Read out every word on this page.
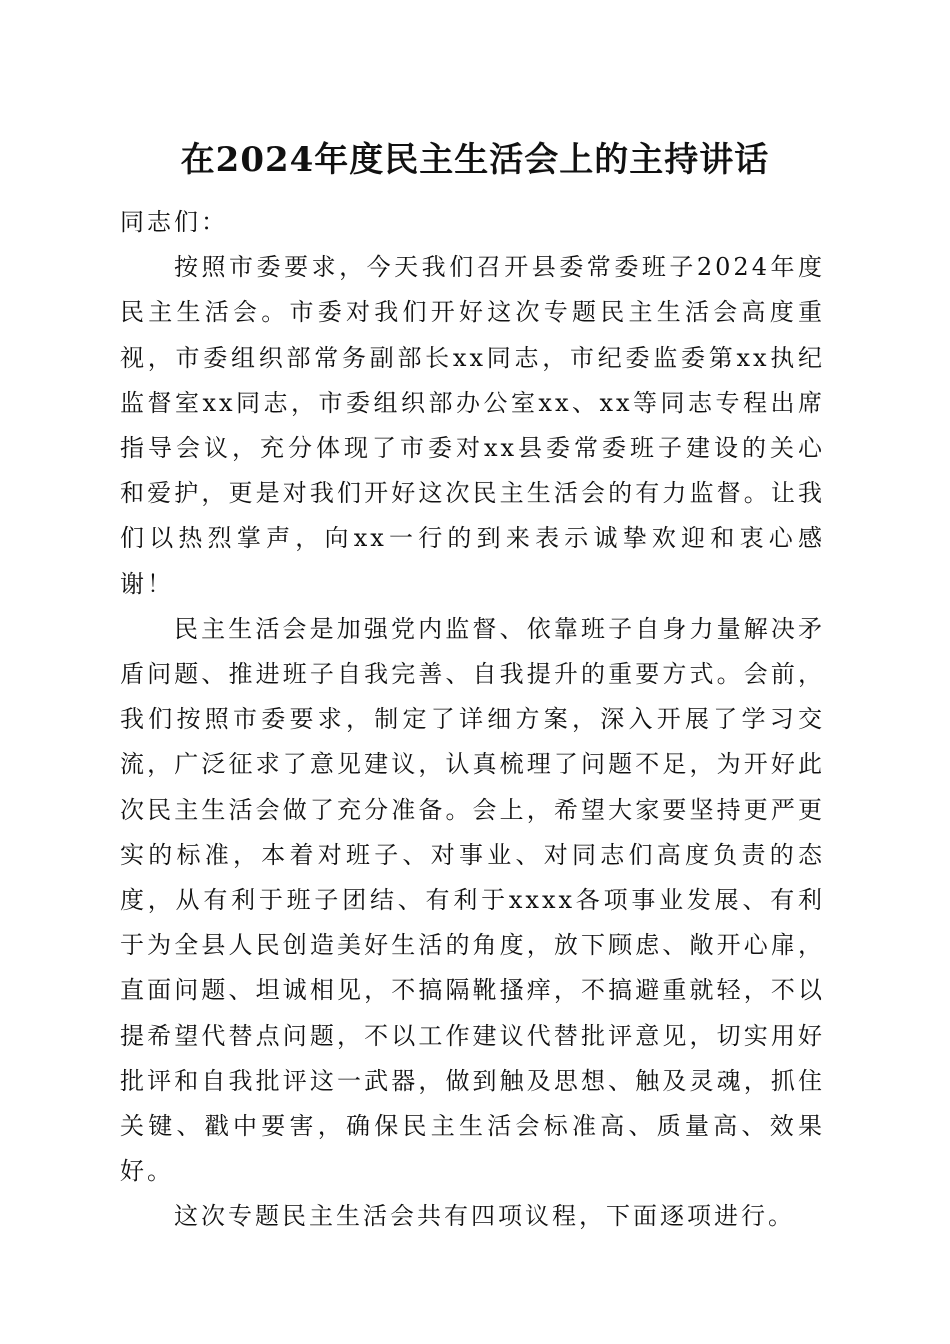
在2024年度民主生活会上的主持讲话

同志们：

按照市委要求，今天我们召开县委常委班子2024年度民主生活会。市委对我们开好这次专题民主生活会高度重视，市委组织部常务副部长xx同志，市纪委监委第xx执纪监督室xx同志，市委组织部办公室xx、xx等同志专程出席指导会议，充分体现了市委对xx县委常委班子建设的关心和爱护，更是对我们开好这次民主生活会的有力监督。让我们以热烈掌声，向xx一行的到来表示诚挚欢迎和衷心感谢！

民主生活会是加强党内监督、依靠班子自身力量解决矛盾问题、推进班子自我完善、自我提升的重要方式。会前，我们按照市委要求，制定了详细方案，深入开展了学习交流，广泛征求了意见建议，认真梳理了问题不足，为开好此次民主生活会做了充分准备。会上，希望大家要坚持更严更实的标准，本着对班子、对事业、对同志们高度负责的态度，从有利于班子团结、有利于xxxx各项事业发展、有利于为全县人民创造美好生活的角度，放下顾虑、敞开心扉，直面问题、坦诚相见，不搞隔靴搔痒，不搞避重就轻，不以提希望代替点问题，不以工作建议代替批评意见，切实用好批评和自我批评这一武器，做到触及思想、触及灵魂，抓住关键、戳中要害，确保民主生活会标准高、质量高、效果好。

这次专题民主生活会共有四项议程，下面逐项进行。
